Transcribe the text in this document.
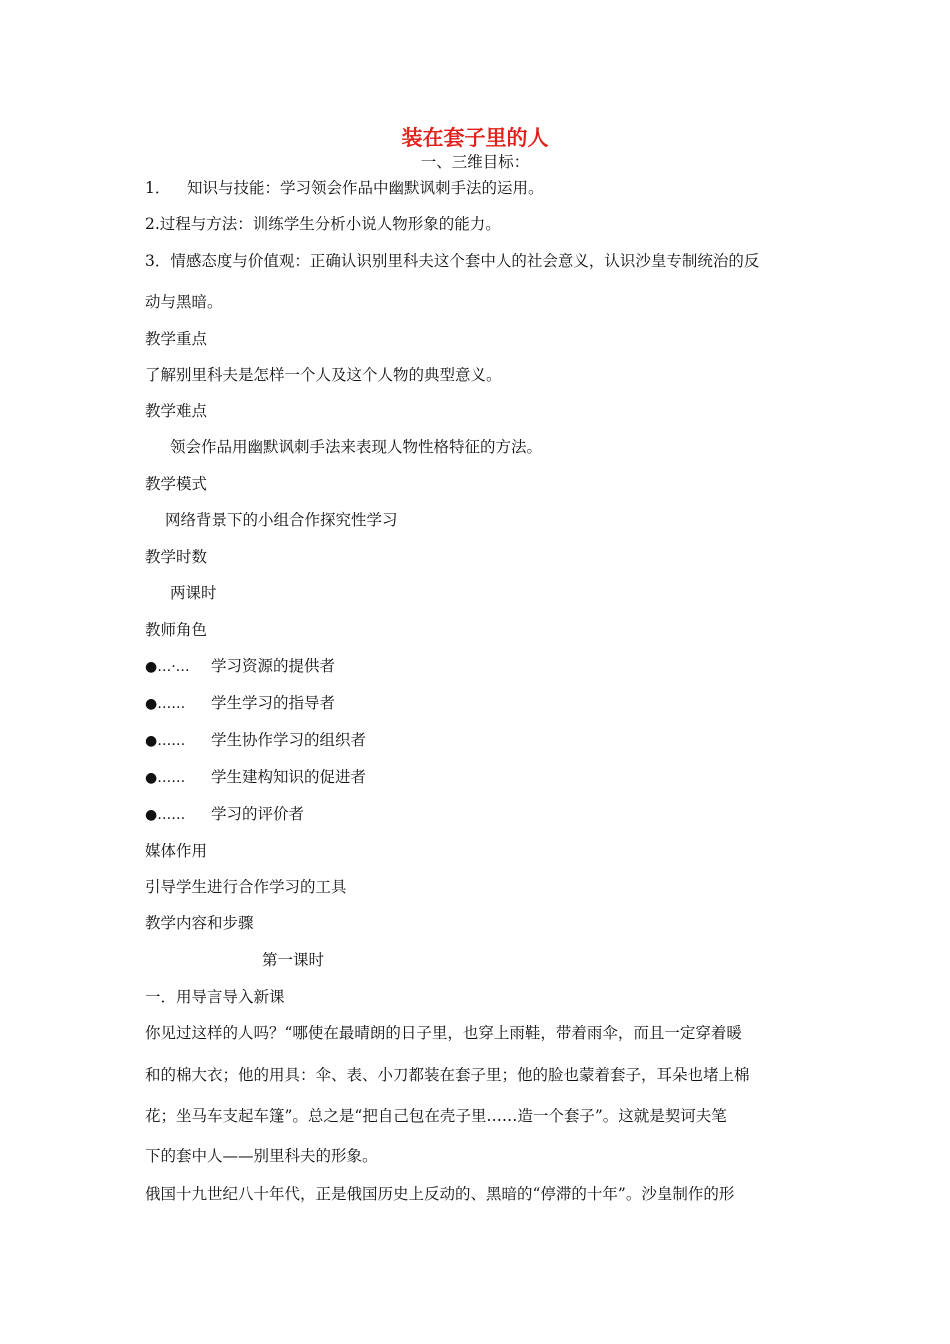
装在套子里的人
一、三维目标：
1． 知识与技能：学习领会作品中幽默讽刺手法的运用。
2.过程与方法：训练学生分析小说人物形象的能力。
3．情感态度与价值观：正确认识别里科夫这个套中人的社会意义，认识沙皇专制统治的反
动与黑暗。
教学重点
了解别里科夫是怎样一个人及这个人物的典型意义。
教学难点
领会作品用幽默讽刺手法来表现人物性格特征的方法。
教学模式
网络背景下的小组合作探究性学习
教学时数
两课时
教师角色
●…·… 学习资源的提供者
●…… 学生学习的指导者
●…… 学生协作学习的组织者
●…… 学生建构知识的促进者
●…… 学习的评价者
媒体作用
引导学生进行合作学习的工具
教学内容和步骤
第一课时
一．用导言导入新课
你见过这样的人吗？“哪使在最晴朗的日子里，也穿上雨鞋，带着雨伞，而且一定穿着暖
和的棉大衣；他的用具：伞、表、小刀都装在套子里；他的脸也蒙着套子，耳朵也堵上棉
花；坐马车支起车篷”。总之是“把自己包在壳子里……造一个套子”。这就是契诃夫笔
下的套中人——别里科夫的形象。
俄国十九世纪八十年代，正是俄国历史上反动的、黑暗的“停滞的十年”。沙皇制作的形
